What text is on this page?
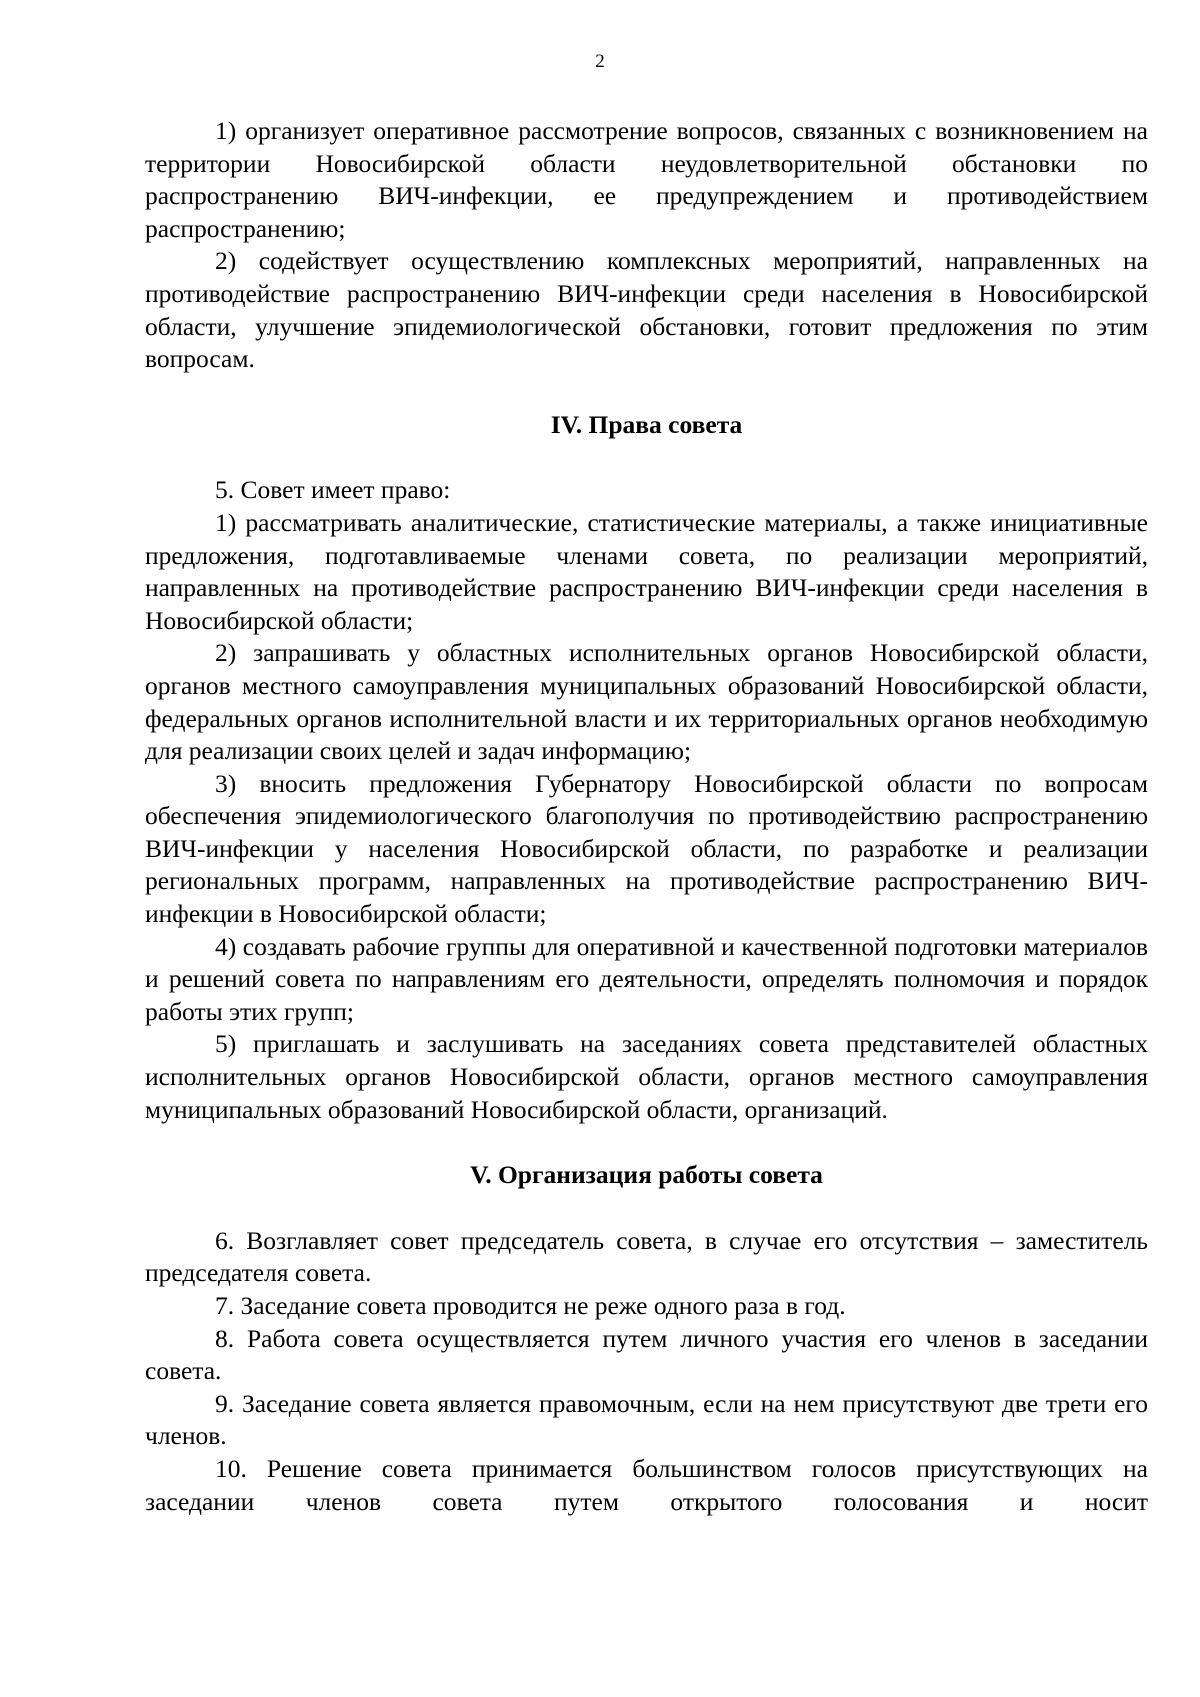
2

1) организует оперативное рассмотрение вопросов, связанных с возникновением на территории Новосибирской области неудовлетворительной обстановки по распространению ВИЧ-инфекции, ее предупреждением и противодействием распространению;

2) содействует осуществлению комплексных мероприятий, направленных на противодействие распространению ВИЧ-инфекции среди населения в Новосибирской области, улучшение эпидемиологической обстановки, готовит предложения по этим вопросам.

IV. Права совета

5. Совет имеет право:

1) рассматривать аналитические, статистические материалы, а также инициативные предложения, подготавливаемые членами совета, по реализации мероприятий, направленных на противодействие распространению ВИЧ-инфекции среди населения в Новосибирской области;

2) запрашивать у областных исполнительных органов Новосибирской области, органов местного самоуправления муниципальных образований Новосибирской области, федеральных органов исполнительной власти и их территориальных органов необходимую для реализации своих целей и задач информацию;

3) вносить предложения Губернатору Новосибирской области по вопросам обеспечения эпидемиологического благополучия по противодействию распространению ВИЧ-инфекции у населения Новосибирской области, по разработке и реализации региональных программ, направленных на противодействие распространению ВИЧ-инфекции в Новосибирской области;

4) создавать рабочие группы для оперативной и качественной подготовки материалов и решений совета по направлениям его деятельности, определять полномочия и порядок работы этих групп;

5) приглашать и заслушивать на заседаниях совета представителей областных исполнительных органов Новосибирской области, органов местного самоуправления муниципальных образований Новосибирской области, организаций.

V. Организация работы совета

6. Возглавляет совет председатель совета, в случае его отсутствия – заместитель председателя совета.

7. Заседание совета проводится не реже одного раза в год.

8. Работа совета осуществляется путем личного участия его членов в заседании совета.

9. Заседание совета является правомочным, если на нем присутствуют две трети его членов.

10. Решение совета принимается большинством голосов присутствующих на заседании членов совета путем открытого голосования и носит
